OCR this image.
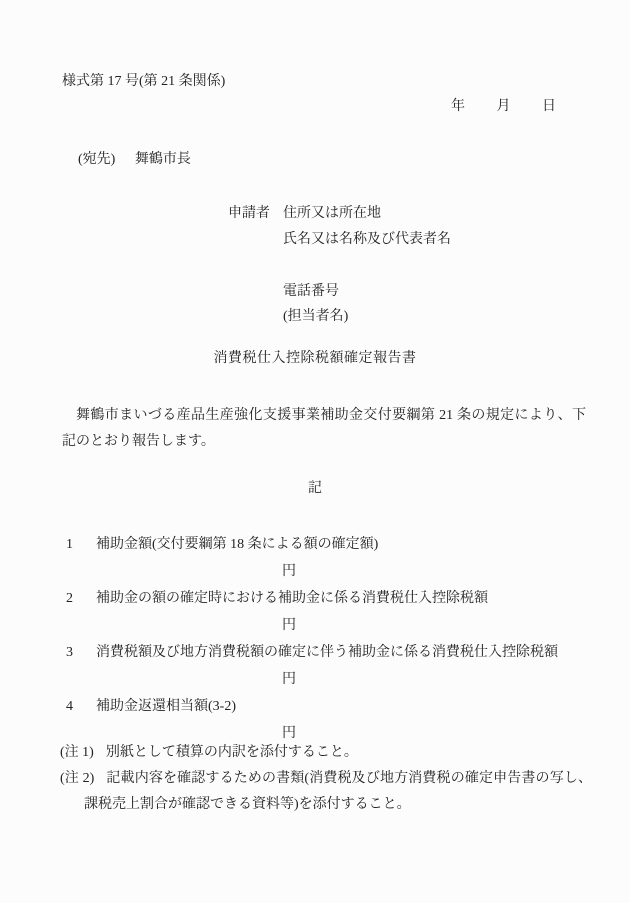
様式第 17 号(第 21 条関係)

年 月 日

(宛先) 舞鶴市長

申請者 住所又は所在地

氏名又は名称及び代表者名

電話番号

(担当者名)

消費税仕入控除税額確定報告書

舞鶴市まいづる産品生産強化支援事業補助金交付要綱第 21 条の規定により、下記のとおり報告します。

記

1 補助金額(交付要綱第 18 条による額の確定額)

円

2 補助金の額の確定時における補助金に係る消費税仕入控除税額

円

3 消費税額及び地方消費税額の確定に伴う補助金に係る消費税仕入控除税額

円

4 補助金返還相当額(3-2)

円

(注 1) 別紙として積算の内訳を添付すること。

(注 2) 記載内容を確認するための書類(消費税及び地方消費税の確定申告書の写し、課税売上割合が確認できる資料等)を添付すること。
